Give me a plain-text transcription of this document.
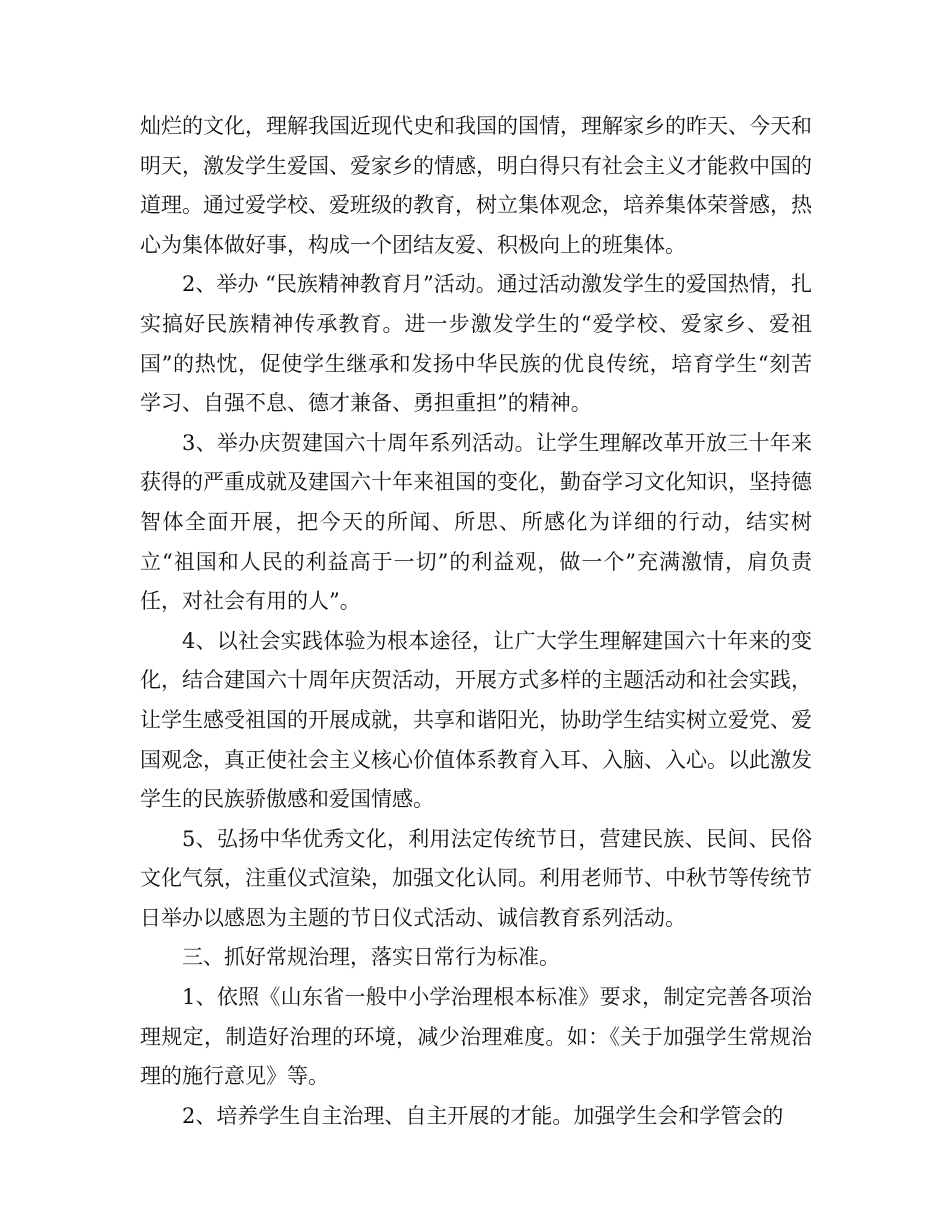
灿烂的文化，理解我国近现代史和我国的国情，理解家乡的昨天、今天和明天，激发学生爱国、爱家乡的情感，明白得只有社会主义才能救中国的道理。通过爱学校、爱班级的教育，树立集体观念，培养集体荣誉感，热心为集体做好事，构成一个团结友爱、积极向上的班集体。

2、举办 “民族精神教育月”活动。通过活动激发学生的爱国热情，扎实搞好民族精神传承教育。进一步激发学生的“爱学校、爱家乡、爱祖国”的热忱，促使学生继承和发扬中华民族的优良传统，培育学生“刻苦学习、自强不息、德才兼备、勇担重担”的精神。

3、举办庆贺建国六十周年系列活动。让学生理解改革开放三十年来获得的严重成就及建国六十年来祖国的变化，勤奋学习文化知识，坚持德智体全面开展，把今天的所闻、所思、所感化为详细的行动，结实树立“祖国和人民的利益高于一切”的利益观，做一个”充满激情，肩负责任，对社会有用的人”。

4、以社会实践体验为根本途径，让广大学生理解建国六十年来的变化，结合建国六十周年庆贺活动，开展方式多样的主题活动和社会实践，让学生感受祖国的开展成就，共享和谐阳光，协助学生结实树立爱党、爱国观念，真正使社会主义核心价值体系教育入耳、入脑、入心。以此激发学生的民族骄傲感和爱国情感。

5、弘扬中华优秀文化，利用法定传统节日，营建民族、民间、民俗文化气氛，注重仪式渲染，加强文化认同。利用老师节、中秋节等传统节日举办以感恩为主题的节日仪式活动、诚信教育系列活动。

三、抓好常规治理，落实日常行为标准。

1、依照《山东省一般中小学治理根本标准》要求，制定完善各项治理规定，制造好治理的环境，减少治理难度。如：《关于加强学生常规治理的施行意见》等。

2、培养学生自主治理、自主开展的才能。加强学生会和学管会的
